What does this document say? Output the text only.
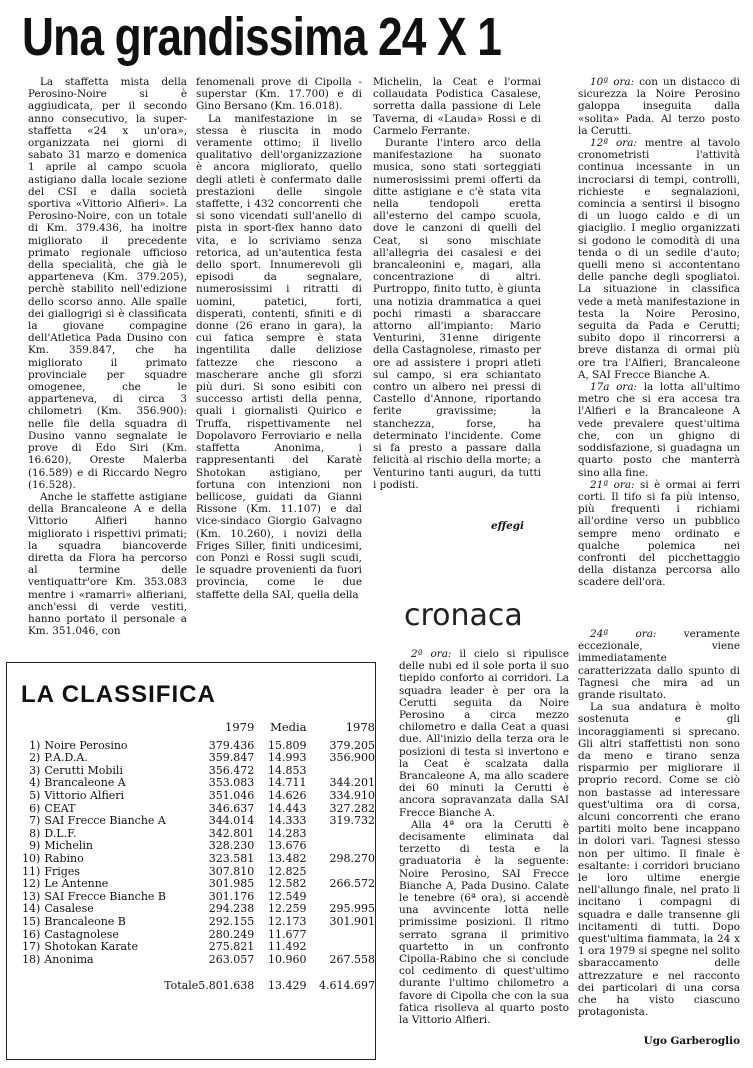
Una grandissima 24 X 1

La staffetta mista della Perosino-Noire si è aggiudicata, per il secondo anno consecutivo, la super-staffetta «24 x un'ora», organizzata nei giorni di sabato 31 marzo e domenica 1 aprile al campo scuola astigiano dalla locale sezione del CSI e dalla società sportiva «Vittorio Alfieri». La Perosino-Noire, con un totale di Km. 379.436, ha inoltre migliorato il precedente primato regionale ufficioso della specialità, che già le apparteneva (Km. 379.205), perchè stabilito nell'edizione dello scorso anno. Alle spalle dei giallogrigi si è classificata la giovane compagine dell'Atletica Pada Dusino con Km. 359.847, che ha migliorato il primato provinciale per squadre omogenee, che le apparteneva, di circa 3 chilometri (Km. 356.900): nelle file della squadra di Dusino vanno segnalate le prove di Edo Siri (Km. 16.620), Oreste Malerba (16.589) e di Riccardo Negro (16.528).

Anche le staffette astigiane della Brancaleone A e della Vittorio Alfieri hanno migliorato i rispettivi primati; la squadra biancoverde diretta da Flora ha percorso al termine delle ventiquattr'ore Km. 353.083 mentre i «ramarri» alfieriani, anch'essi di verde vestiti, hanno portato il personale a Km. 351.046, con

fenomenali prove di Cipolla - superstar (Km. 17.700) e di Gino Bersano (Km. 16.018).

La manifestazione in se stessa è riuscita in modo veramente ottimo; il livello qualitativo dell'organizzazione è ancora migliorato, quello degli atleti è confermato dalle prestazioni delle singole staffette, i 432 concorrenti che si sono vicendati sull'anello di pista in sport-flex hanno dato vita, e lo scriviamo senza retorica, ad un'autentica festa dello sport. Innumerevoli gli episodi da segnalare, numerosissimi i ritratti di uomini, patetici, forti, disperati, contenti, sfiniti e di donne (26 erano in gara), la cui fatica sempre è stata ingentilita dalle deliziose fattezze che riescono a mascherare anche gli sforzi più duri. Si sono esibiti con successo artisti della penna, quali i giornalisti Quirico e Truffa, rispettivamente nel Dopolavoro Ferroviario e nella staffetta Anonima, i rappresentanti del Karatè Shotokan astigiano, per fortuna con intenzioni non bellicose, guidati da Gianni Rissone (Km. 11.107) e dal vice-sindaco Giorgio Galvagno (Km. 10.260), i novizi della Friges Siller, finiti undicesimi, con Ponzi e Rossi sugli scudi, le squadre provenienti da fuori provincia, come le due staffette della SAI, quella della

Michelin, la Ceat e l'ormai collaudata Podistica Casalese, sorretta dalla passione di Lele Taverna, di «Lauda» Rossi e di Carmelo Ferrante.

Durante l'intero arco della manifestazione ha suonato musica, sono stati sorteggiati numerosissimi premi offerti da ditte astigiane e c'è stata vita nella tendopoli eretta all'esterno del campo scuola, dove le canzoni di quelli del Ceat, si sono mischiate all'allegria dei casalesi e dei brancaleonini e, magari, alla concentrazione di altri. Purtroppo, finito tutto, è giunta una notizia drammatica a quei pochi rimasti a sbaraccare attorno all'impianto: Mario Venturini, 31enne dirigente della Castagnolese, rimasto per ore ad assistere i propri atleti sul campo, si era schiantato contro un albero nei pressi di Castello d'Annone, riportando ferite gravissime; la stanchezza, forse, ha determinato l'incidente. Come si fa presto a passare dalla felicità al rischio della morte; a Venturino tanti auguri, da tutti i podisti.

effegi

10ª ora: con un distacco di sicurezza la Noire Perosino galoppa inseguita dalla «solita» Pada. Al terzo posto la Cerutti.

12ª ora: mentre al tavolo cronometristi l'attività continua incessante in un incrociarsi di tempi, controlli, richieste e segnalazioni, comincia a sentirsi il bisogno di un luogo caldo e di un giaciglio. I meglio organizzati si godono le comodità di una tenda o di un sedile d'auto; quelli meno si accontentano delle panche degli spogliatoi. La situazione in classifica vede a metà manifestazione in testa la Noire Perosino, seguita da Pada e Cerutti; subito dopo il rincorrersi a breve distanza di ormai più ore tra l'Alfieri, Brancaleone A, SAI Frecce Bianche A.

17a ora: la lotta all'ultimo metro che si era accesa tra l'Alfieri e la Brancaleone A vede prevalere quest'ultima che, con un ghigno di soddisfazione, si guadagna un quarto posto che manterrà sino alla fine.

21ª ora: si è ormai ai ferri corti. Il tifo si fa più intenso, più frequenti i richiami all'ordine verso un pubblico sempre meno ordinato e qualche polemica nei confronti del picchettaggio della distanza percorsa allo scadere dell'ora.

cronaca

2ª ora: il cielo si ripulisce delle nubi ed il sole porta il suo tiepido conforto ai corridori. La squadra leader è per ora la Cerutti seguita da Noire Perosino a circa mezzo chilometro e dalla Ceat a quasi due. All'inizio della terza ora le posizioni di testa si invertono e la Ceat è scalzata dalla Brancaleone A, ma allo scadere dei 60 minuti la Cerutti è ancora sopravanzata dalla SAI Frecce Bianche A.

Alla 4ª ora la Cerutti è decisamente eliminata dal terzetto di testa e la graduatoria è la seguente: Noire Perosino, SAI Frecce Bianche A, Pada Dusino. Calate le tenebre (6ª ora), si accendè una avvincente lotta nelle primissime posizioni. Il ritmo serrato sgrana il primitivo quartetto in un confronto Cipolla-Rabino che si conclude col cedimento di quest'ultimo durante l'ultimo chilometro a favore di Cipolla che con la sua fatica risolleva al quarto posto la Vittorio Alfieri.

24ª ora: veramente eccezionale, viene immediatamente caratterizzata dallo spunto di Tagnesi che mira ad un grande risultato.

La sua andatura è molto sostenuta e gli incoraggiamenti si sprecano. Gli altri staffettisti non sono da meno e tirano senza risparmio per migliorare il proprio record. Come se ciò non bastasse ad interessare quest'ultima ora di corsa, alcuni concorrenti che erano partiti molto bene incappano in dolori vari. Tagnesi stesso non per ultimo. Il finale è esaltante: i corridori bruciano le loro ultime energie nell'allungo finale, nel prato li incitano i compagni di squadra e dalle transenne gli incitamenti di tutti. Dopo quest'ultima fiammata, la 24 x 1 ora 1979 si spegne nel solito sbaraccamento delle attrezzature e nel racconto dei particolari di una corsa che ha visto ciascuno protagonista.

Ugo Garberoglio
LA CLASSIFICA
		1979	Media	1978
1)	Noire Perosino	379.436	15.809	379.205
2)	P.A.D.A.	359.847	14.993	356.900
3)	Cerutti Mobili	356.472	14.853	
4)	Brancaleone A	353.083	14.711	344.201
5)	Vittorio Alfieri	351.046	14.626	334.910
6)	CEAT	346.637	14.443	327.282
7)	SAI Frecce Bianche A	344.014	14.333	319.732
8)	D.L.F.	342.801	14.283	
9)	Michelin	328.230	13.676	
10)	Rabino	323.581	13.482	298.270
11)	Friges	307.810	12.825	
12)	Le Antenne	301.985	12.582	266.572
13)	SAI Frecce Bianche B	301.176	12.549	
14)	Casalese	294.238	12.259	295.995
15)	Brancaleone B	292.155	12.173	301.901
16)	Castagnolese	280.249	11.677	
17)	Shotokan Karate	275.821	11.492	
18)	Anonima	263.057	10.960	267.558
	Totale	5.801.638	13.429	4.614.697
